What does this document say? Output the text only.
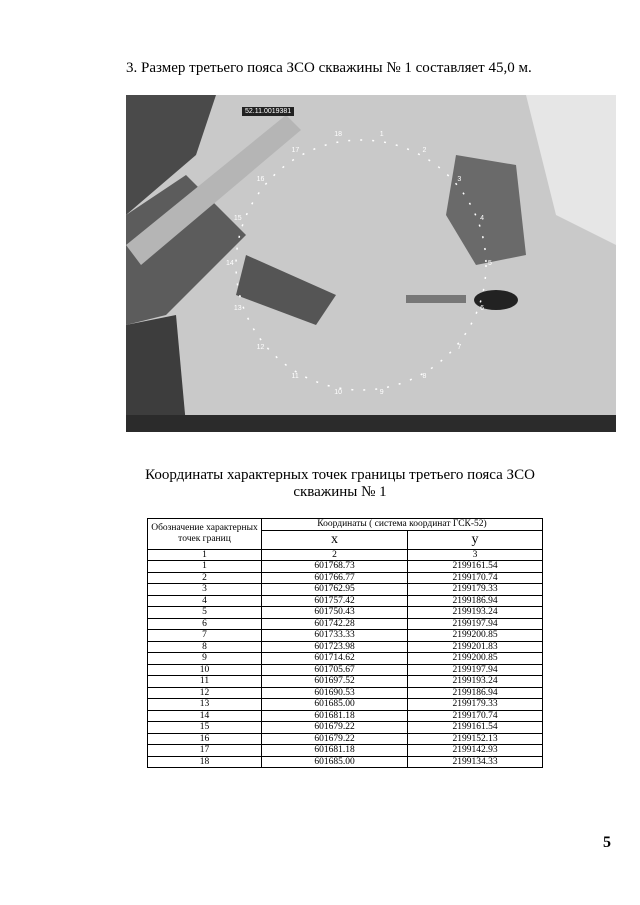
3. Размер третьего пояса ЗСО скважины № 1 составляет 45,0 м.
52.11.0019381
1
2
3
4
5
6
7
8
9
10
11
12
13
14
15
16
17
18
Координаты характерных точек границы третьего пояса ЗСО
скважины № 1
Обозначение характерных точек границ	Координаты ( система координат ГСК-52)	
	x	у
1	2	3
1	601768.73	2199161.54
2	601766.77	2199170.74
3	601762.95	2199179.33
4	601757.42	2199186.94
5	601750.43	2199193.24
6	601742.28	2199197.94
7	601733.33	2199200.85
8	601723.98	2199201.83
9	601714.62	2199200.85
10	601705.67	2199197.94
11	601697.52	2199193.24
12	601690.53	2199186.94
13	601685.00	2199179.33
14	601681.18	2199170.74
15	601679.22	2199161.54
16	601679.22	2199152.13
17	601681.18	2199142.93
18	601685.00	2199134.33
5
